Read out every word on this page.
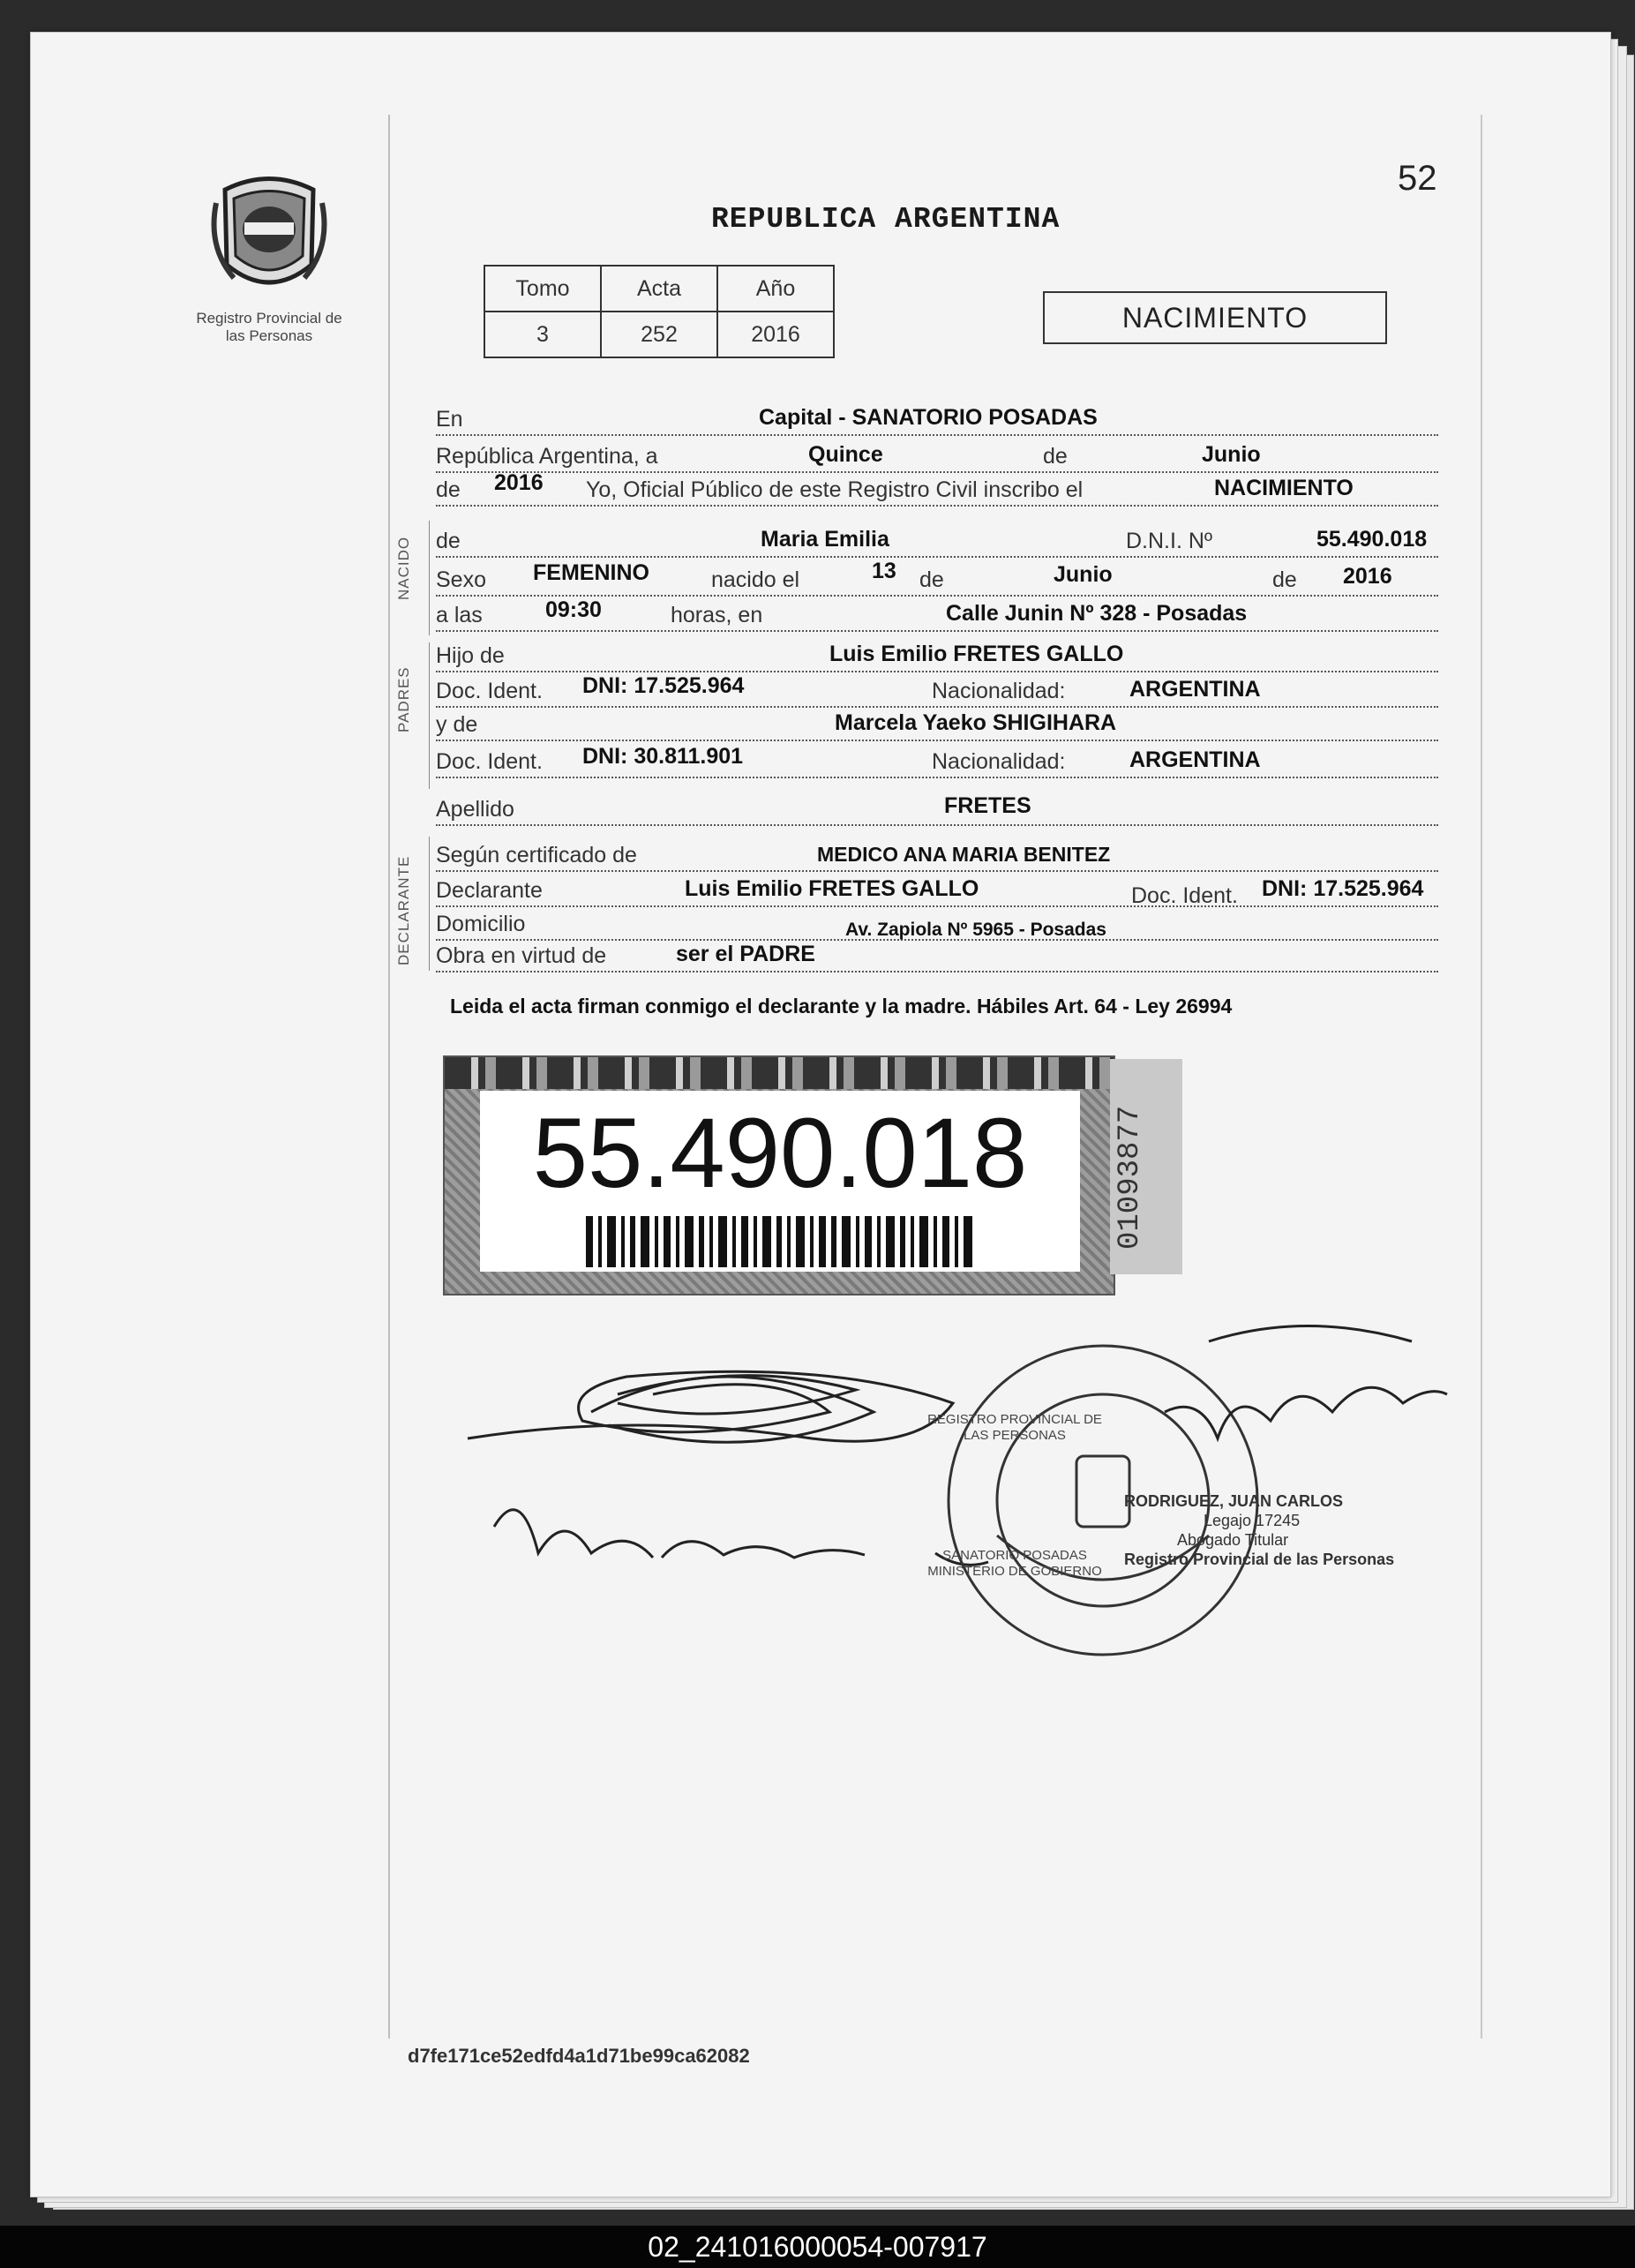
Registro Provincial de las Personas
52
REPUBLICA ARGENTINA
Tomo	Acta	Año
3	252	2016
NACIMIENTO
En	Capital - SANATORIO POSADAS
República Argentina, a	Quince	de	Junio
de 2016 Yo, Oficial Público de este Registro Civil inscribo el	NACIMIENTO
NACIDO de	Maria Emilia	D.N.I. Nº	55.490.018
Sexo FEMENINO	nacido el	13 de	Junio	de 2016
a las	09:30	horas, en	Calle Junin Nº 328 - Posadas
PADRES
Hijo de	Luis Emilio FRETES GALLO
Doc. Ident. DNI: 17.525.964	Nacionalidad:	ARGENTINA
y de	Marcela Yaeko SHIGIHARA
Doc. Ident. DNI: 30.811.901	Nacionalidad:	ARGENTINA
Apellido	FRETES
DECLARANTE
Según certificado de	MEDICO ANA MARIA BENITEZ
Declarante	Luis Emilio FRETES GALLO	Doc. Ident. DNI: 17.525.964
Domicilio	Av. Zapiola Nº 5965 - Posadas
Obra en virtud de	ser el PADRE
Leida el acta firman conmigo el declarante y la madre. Hábiles Art. 64 - Ley 26994
55.490.018	01093877
RODRIGUEZ, JUAN CARLOS
Legajo 17245
Abogado Titular
Registro Provincial de las Personas
REGISTRO PROVINCIAL DE LAS PERSONAS
SANATORIO POSADAS
MINISTERIO DE GOBIERNO
d7fe171ce52edfd4a1d71be99ca62082
02_241016000054-007917
